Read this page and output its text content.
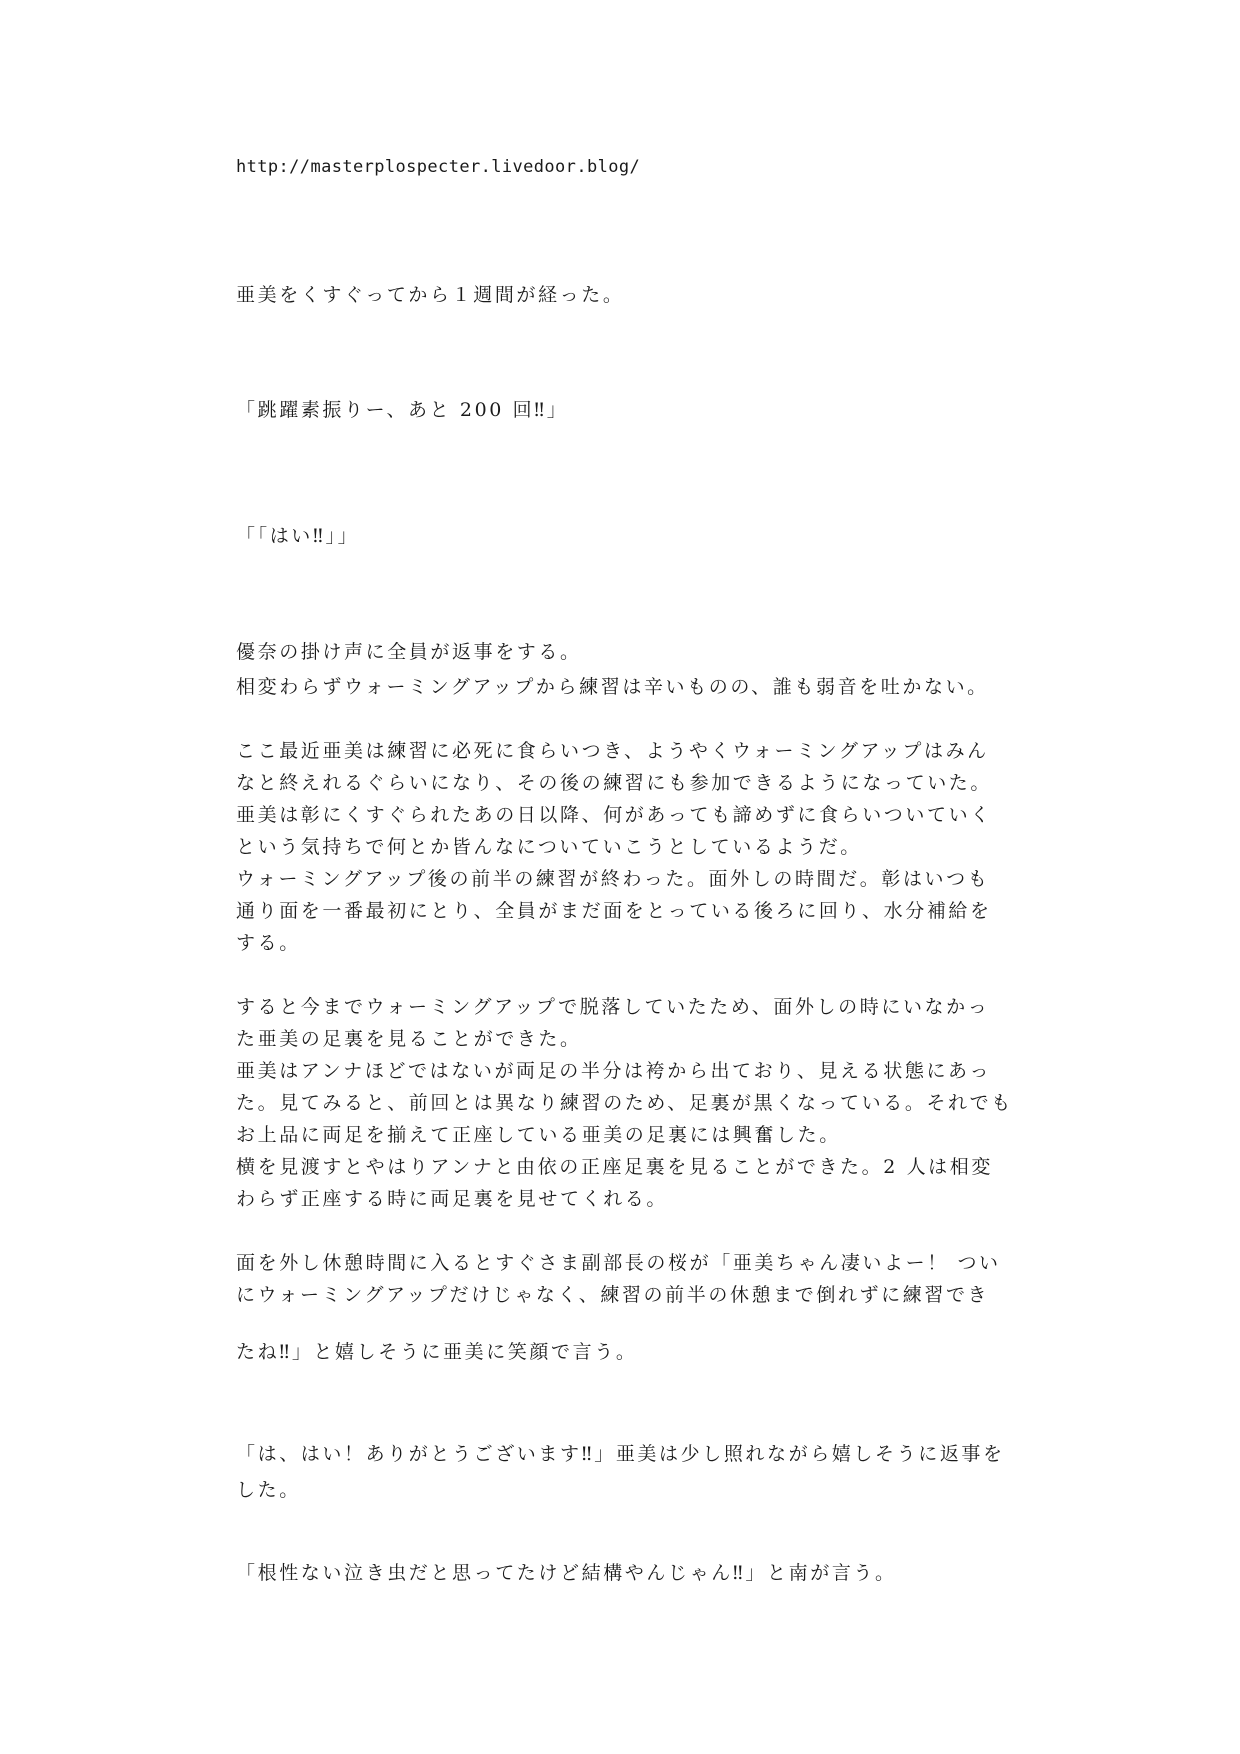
http://masterplospecter.livedoor.blog/
亜美をくすぐってから１週間が経った。
「跳躍素振りー、あと 200 回‼」
「「はい‼」」
優奈の掛け声に全員が返事をする。
相変わらずウォーミングアップから練習は辛いものの、誰も弱音を吐かない。
ここ最近亜美は練習に必死に食らいつき、ようやくウォーミングアップはみん
なと終えれるぐらいになり、その後の練習にも参加できるようになっていた。
亜美は彰にくすぐられたあの日以降、何があっても諦めずに食らいついていく
という気持ちで何とか皆んなについていこうとしているようだ。
ウォーミングアップ後の前半の練習が終わった。面外しの時間だ。彰はいつも
通り面を一番最初にとり、全員がまだ面をとっている後ろに回り、水分補給を
する。
すると今までウォーミングアップで脱落していたため、面外しの時にいなかっ
た亜美の足裏を見ることができた。
亜美はアンナほどではないが両足の半分は袴から出ており、見える状態にあっ
た。見てみると、前回とは異なり練習のため、足裏が黒くなっている。それでも
お上品に両足を揃えて正座している亜美の足裏には興奮した。
横を見渡すとやはりアンナと由依の正座足裏を見ることができた。2 人は相変
わらず正座する時に両足裏を見せてくれる。
面を外し休憩時間に入るとすぐさま副部長の桜が「亜美ちゃん凄いよー！ つい
にウォーミングアップだけじゃなく、練習の前半の休憩まで倒れずに練習でき
たね‼」と嬉しそうに亜美に笑顔で言う。
「は、はい！ありがとうございます‼」亜美は少し照れながら嬉しそうに返事を
した。
「根性ない泣き虫だと思ってたけど結構やんじゃん‼」と南が言う。
